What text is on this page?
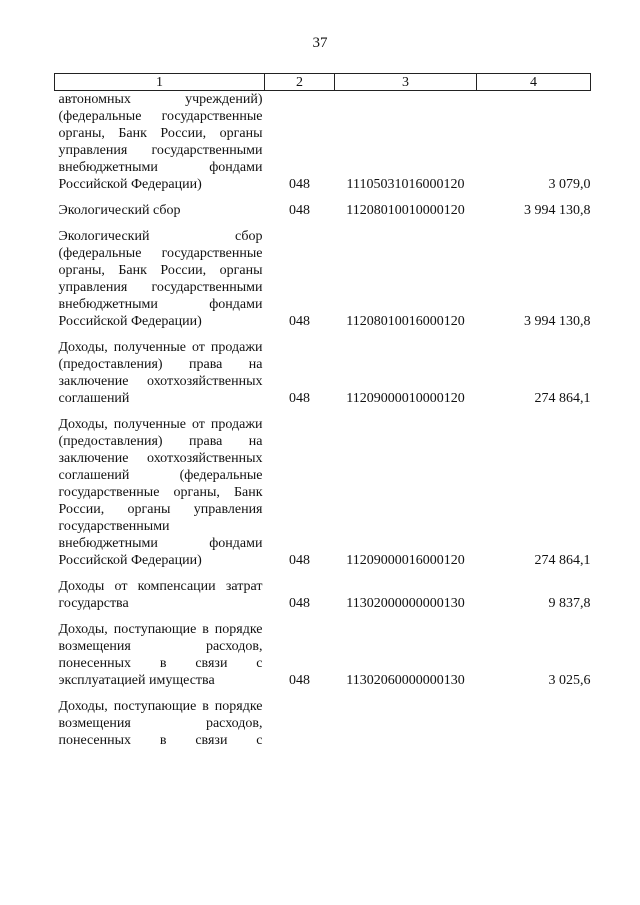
37
1	2	3	4
автономных учреждений) (федеральные государственные органы, Банк России, органы управления государственными внебюджетными фондами Российской Федерации)	048	11105031016000120	3 079,0
Экологический сбор	048	11208010010000120	3 994 130,8
Экологический сбор (федеральные государственные органы, Банк России, органы управления государственными внебюджетными фондами Российской Федерации)	048	11208010016000120	3 994 130,8
Доходы, полученные от продажи (предоставления) права на заключение охотхозяйственных соглашений	048	11209000010000120	274 864,1
Доходы, полученные от продажи (предоставления) права на заключение охотхозяйственных соглашений (федеральные государственные органы, Банк России, органы управления государственными внебюджетными фондами Российской Федерации)	048	11209000016000120	274 864,1
Доходы от компенсации затрат государства	048	11302000000000130	9 837,8
Доходы, поступающие в порядке возмещения расходов, понесенных в связи с эксплуатацией имущества	048	11302060000000130	3 025,6
Доходы, поступающие в порядке возмещения расходов, понесенных в связи с			
